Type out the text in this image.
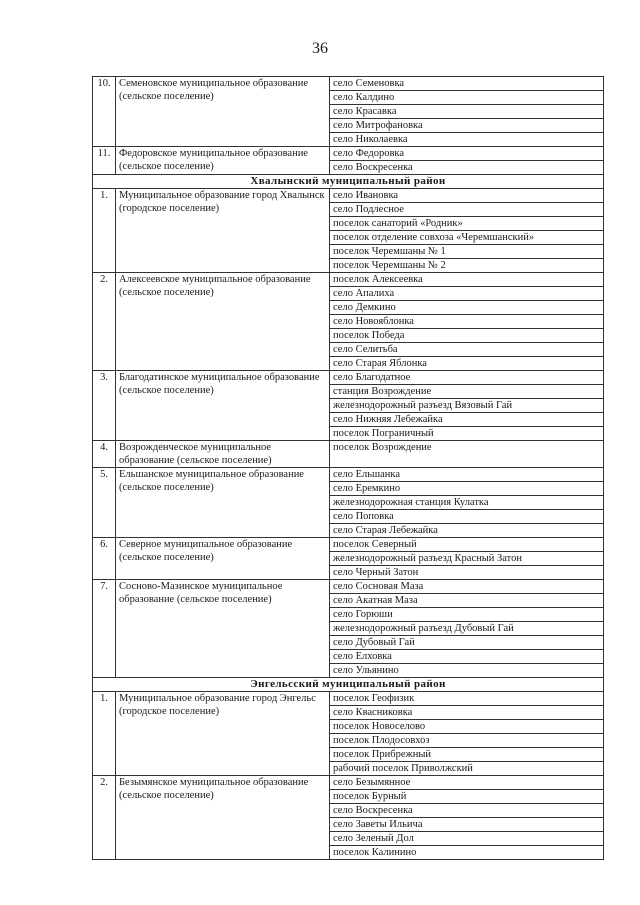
36
10.	Семеновское муниципальное образование (сельское поселение)	село Семеновка
		село Калдино
		село Красавка
		село Митрофановка
		село Николаевка
11.	Федоровское муниципальное образование (сельское поселение)	село Федоровка
		село Воскресенка
Хвалынский муниципальный район		
1.	Муниципальное образование город Хвалынск (городское поселение)	село Ивановка
		село Подлесное
		поселок санаторий «Родник»
		поселок отделение совхоза «Черемшанский»
		поселок Черемшаны № 1
		поселок Черемшаны № 2
2.	Алексеевское муниципальное образование (сельское поселение)	поселок Алексеевка
		село Апалиха
		село Демкино
		село Новояблонка
		поселок Победа
		село Селитьба
		село Старая Яблонка
3.	Благодатинское муниципальное образование (сельское поселение)	село Благодатное
		станция Возрождение
		железнодорожный разъезд Вязовый Гай
		село Нижняя Лебежайка
		поселок Пограничный
4.	Возрожденческое муниципальное образование (сельское поселение)	поселок Возрождение
5.	Ельшанское муниципальное образование (сельское поселение)	село Ельшанка
		село Еремкино
		железнодорожная станция Кулатка
		село Поповка
		село Старая Лебежайка
6.	Северное муниципальное образование (сельское поселение)	поселок Северный
		железнодорожный разъезд Красный Затон
		село Черный Затон
7.	Сосново-Мазинское муниципальное образование (сельское поселение)	село Сосновая Маза
		село Акатная Маза
		село Горюши
		железнодорожный разъезд Дубовый Гай
		село Дубовый Гай
		село Елховка
		село Ульянино
Энгельсский муниципальный район		
1.	Муниципальное образование город Энгельс (городское поселение)	поселок Геофизик
		село Квасниковка
		поселок Новоселово
		поселок Плодосовхоз
		поселок Прибрежный
		рабочий поселок Приволжский
2.	Безымянское муниципальное образование (сельское поселение)	село Безымянное
		поселок Бурный
		село Воскресенка
		село Заветы Ильича
		село Зеленый Дол
		поселок Калинино
